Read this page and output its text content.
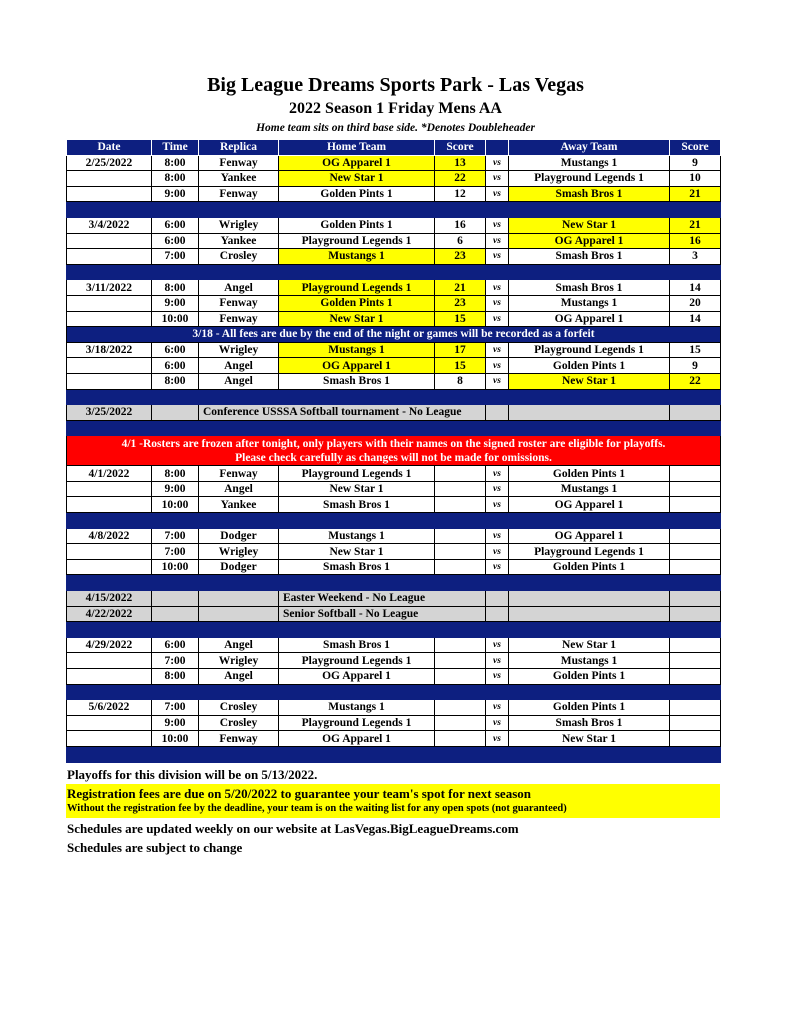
Big League Dreams Sports Park - Las Vegas
2022 Season 1 Friday Mens AA
Home team sits on third base side. *Denotes Doubleheader
Date	Time	Replica	Home Team	Score		Away Team	Score
2/25/2022	8:00	Fenway	OG Apparel 1	13	vs	Mustangs 1	9
	8:00	Yankee	New Star 1	22	vs	Playground Legends 1	10
	9:00	Fenway	Golden Pints 1	12	vs	Smash Bros 1	21

3/4/2022	6:00	Wrigley	Golden Pints 1	16	vs	New Star 1	21
	6:00	Yankee	Playground Legends 1	6	vs	OG Apparel 1	16
	7:00	Crosley	Mustangs 1	23	vs	Smash Bros 1	3

3/11/2022	8:00	Angel	Playground Legends 1	21	vs	Smash Bros 1	14
	9:00	Fenway	Golden Pints 1	23	vs	Mustangs 1	20
	10:00	Fenway	New Star 1	15	vs	OG Apparel 1	14
3/18 - All fees are due by the end of the night or games will be recorded as a forfeit							
3/18/2022	6:00	Wrigley	Mustangs 1	17	vs	Playground Legends 1	15
	6:00	Angel	OG Apparel 1	15	vs	Golden Pints 1	9
	8:00	Angel	Smash Bros 1	8	vs	New Star 1	22

3/25/2022		Conference USSSA Softball tournament - No League					

4/1 -Rosters are frozen after tonight, only players with their names on the signed roster are eligible for playoffs.
Please check carefully as changes will not be made for omissions.							

4/1/2022	8:00	Fenway	Playground Legends 1		vs	Golden Pints 1	
	9:00	Angel	New Star 1		vs	Mustangs 1	
	10:00	Yankee	Smash Bros 1		vs	OG Apparel 1	

4/8/2022	7:00	Dodger	Mustangs 1		vs	OG Apparel 1	
	7:00	Wrigley	New Star 1		vs	Playground Legends 1	
	10:00	Dodger	Smash Bros 1		vs	Golden Pints 1	

4/15/2022			Easter Weekend - No League				
4/22/2022			Senior Softball - No League				

4/29/2022	6:00	Angel	Smash Bros 1		vs	New Star 1	
	7:00	Wrigley	Playground Legends 1		vs	Mustangs 1	
	8:00	Angel	OG Apparel 1		vs	Golden Pints 1	

5/6/2022	7:00	Crosley	Mustangs 1		vs	Golden Pints 1	
	9:00	Crosley	Playground Legends 1		vs	Smash Bros 1	
	10:00	Fenway	OG Apparel 1		vs	New Star 1	

Playoffs for this division will be on 5/13/2022.
Registration fees are due on 5/20/2022 to guarantee your team's spot for next season
Without the registration fee by the deadline, your team is on the waiting list for any open spots (not guaranteed)
Schedules are updated weekly on our website at LasVegas.BigLeagueDreams.com
Schedules are subject to change
